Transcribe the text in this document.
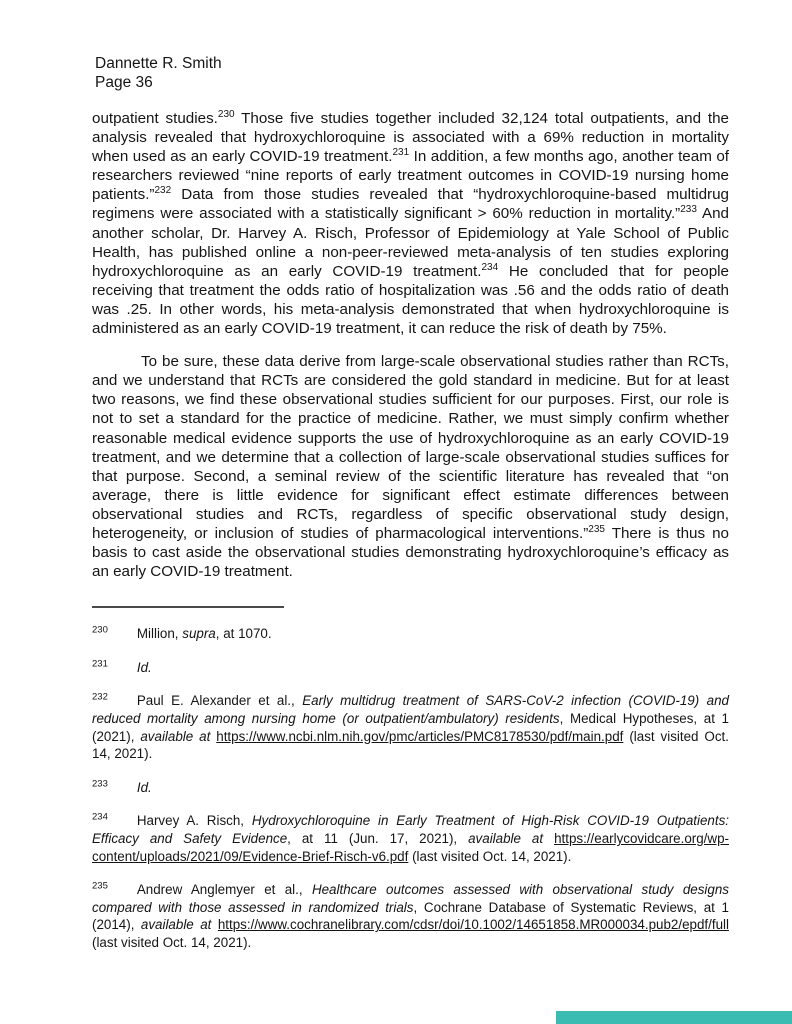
Dannette R. Smith
Page 36
outpatient studies.$^{230}$ Those five studies together included 32,124 total outpatients, and the analysis revealed that hydroxychloroquine is associated with a 69% reduction in mortality when used as an early COVID-19 treatment.$^{231}$ In addition, a few months ago, another team of researchers reviewed “nine reports of early treatment outcomes in COVID-19 nursing home patients.”$^{232}$ Data from those studies revealed that “hydroxychloroquine-based multidrug regimens were associated with a statistically significant > 60% reduction in mortality.”$^{233}$ And another scholar, Dr. Harvey A. Risch, Professor of Epidemiology at Yale School of Public Health, has published online a non-peer-reviewed meta-analysis of ten studies exploring hydroxychloroquine as an early COVID-19 treatment.$^{234}$ He concluded that for people receiving that treatment the odds ratio of hospitalization was .56 and the odds ratio of death was .25. In other words, his meta-analysis demonstrated that when hydroxychloroquine is administered as an early COVID-19 treatment, it can reduce the risk of death by 75%.
To be sure, these data derive from large-scale observational studies rather than RCTs, and we understand that RCTs are considered the gold standard in medicine. But for at least two reasons, we find these observational studies sufficient for our purposes. First, our role is not to set a standard for the practice of medicine. Rather, we must simply confirm whether reasonable medical evidence supports the use of hydroxychloroquine as an early COVID-19 treatment, and we determine that a collection of large-scale observational studies suffices for that purpose. Second, a seminal review of the scientific literature has revealed that “on average, there is little evidence for significant effect estimate differences between observational studies and RCTs, regardless of specific observational study design, heterogeneity, or inclusion of studies of pharmacological interventions.”$^{235}$ There is thus no basis to cast aside the observational studies demonstrating hydroxychloroquine’s efficacy as an early COVID-19 treatment.
$^{230}$ Million, supra, at 1070.
$^{231}$ Id.
$^{232}$ Paul E. Alexander et al., Early multidrug treatment of SARS-CoV-2 infection (COVID-19) and reduced mortality among nursing home (or outpatient/ambulatory) residents, Medical Hypotheses, at 1 (2021), available at https://www.ncbi.nlm.nih.gov/pmc/articles/PMC8178530/pdf/main.pdf (last visited Oct. 14, 2021).
$^{233}$ Id.
$^{234}$ Harvey A. Risch, Hydroxychloroquine in Early Treatment of High-Risk COVID-19 Outpatients: Efficacy and Safety Evidence, at 11 (Jun. 17, 2021), available at https://earlycovidcare.org/wp-content/uploads/2021/09/Evidence-Brief-Risch-v6.pdf (last visited Oct. 14, 2021).
$^{235}$ Andrew Anglemyer et al., Healthcare outcomes assessed with observational study designs compared with those assessed in randomized trials, Cochrane Database of Systematic Reviews, at 1 (2014), available at https://www.cochranelibrary.com/cdsr/doi/10.1002/14651858.MR000034.pub2/epdf/full (last visited Oct. 14, 2021).
